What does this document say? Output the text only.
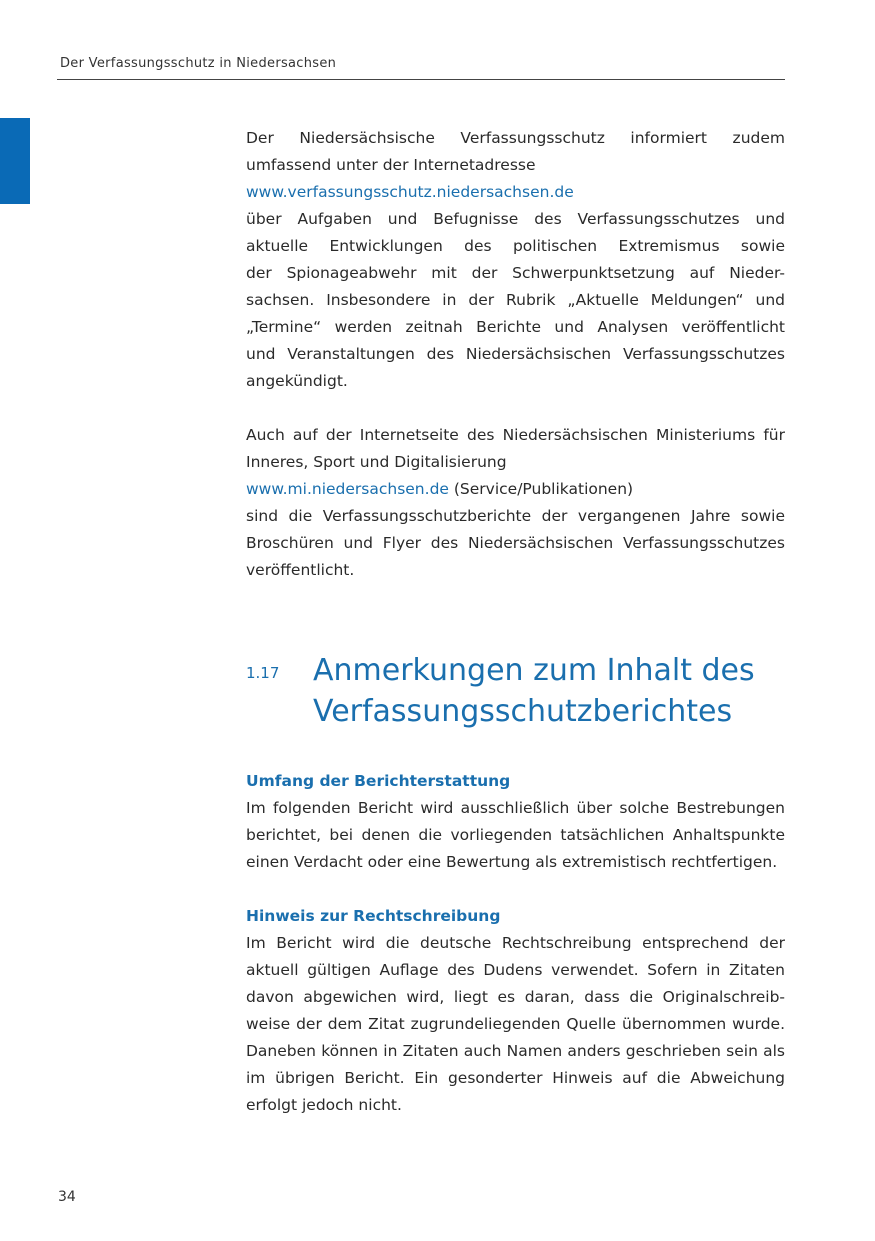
Der Verfassungsschutz in Niedersachsen

Der Niedersächsische Verfassungsschutz informiert zudem
umfassend unter der Internetadresse
www.verfassungsschutz.niedersachsen.de
über Aufgaben und Befugnisse des Verfassungsschutzes und
aktuelle Entwicklungen des politischen Extremismus sowie
der Spionageabwehr mit der Schwerpunktsetzung auf Nieder-
sachsen. Insbesondere in der Rubrik „Aktuelle Meldungen“ und
„Termine“ werden zeitnah Berichte und Analysen veröffentlicht
und Veranstaltungen des Niedersächsischen Verfassungsschutzes
angekündigt.

Auch auf der Internetseite des Niedersächsischen Ministeriums für
Inneres, Sport und Digitalisierung
www.mi.niedersachsen.de (Service/Publikationen)
sind die Verfassungsschutzberichte der vergangenen Jahre sowie
Broschüren und Flyer des Niedersächsischen Verfassungsschutzes
veröffentlicht.

1.17	Anmerkungen zum Inhalt des
Verfassungsschutzberichtes
Umfang der Berichterstattung

Im folgenden Bericht wird ausschließlich über solche Bestrebungen
berichtet, bei denen die vorliegenden tatsächlichen Anhaltspunkte
einen Verdacht oder eine Bewertung als extremistisch rechtfertigen.

Hinweis zur Rechtschreibung

Im Bericht wird die deutsche Rechtschreibung entsprechend der
aktuell gültigen Auflage des Dudens verwendet. Sofern in Zitaten
davon abgewichen wird, liegt es daran, dass die Originalschreib-
weise der dem Zitat zugrundeliegenden Quelle übernommen wurde.
Daneben können in Zitaten auch Namen anders geschrieben sein als
im übrigen Bericht. Ein gesonderter Hinweis auf die Abweichung
erfolgt jedoch nicht.

34
